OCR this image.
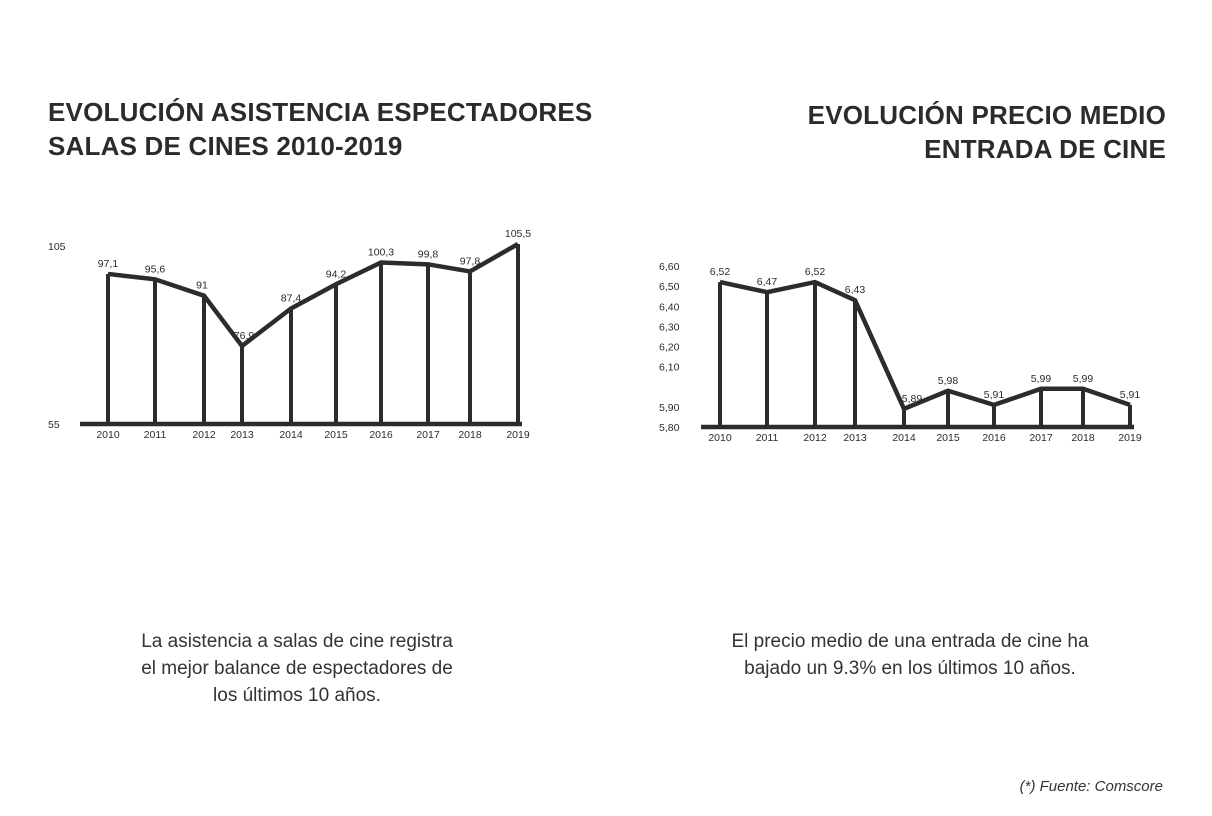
EVOLUCIÓN ASISTENCIA ESPECTADORES
SALAS DE CINES 2010-2019
EVOLUCIÓN PRECIO MEDIO
ENTRADA DE CINE
97,1	95,6
91
76,9
87,4
94,2
100,3 99,8
97,8
105,5
2010 2011 2012 2013 2014 2015 2016 2017 2018 2019
55
105
6,52
6,47
6,52
6,43
5,89
5,98
5,91
5,99 5,99
5,91
2010 2011 2012 2013 2014 2015 2016 2017 2018 2019
5,80
5,90
6,10
6,20
6,30
6,40
6,50
6,60
La asistencia a salas de cine registra
el mejor balance de espectadores de
los últimos 10 años.
El precio medio de una entrada de cine ha
bajado un 9.3% en los últimos 10 años.
(*) Fuente: Comscore
